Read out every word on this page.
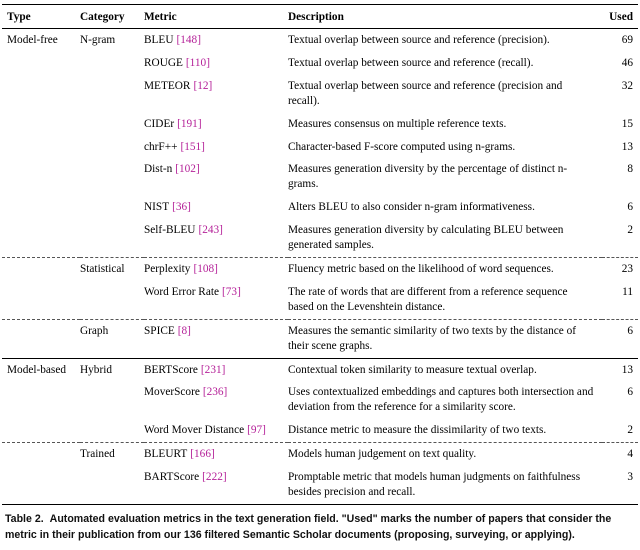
Type	Category	Metric	Description	Used
Model-free	N-gram	BLEU [148]	Textual overlap between source and reference (precision).	69
		ROUGE [110]	Textual overlap between source and reference (recall).	46
		METEOR [12]	Textual overlap between source and reference (precision and recall).	32
		CIDEr [191]	Measures consensus on multiple reference texts.	15
		chrF++ [151]	Character-based F-score computed using n-grams.	13
		Dist-n [102]	Measures generation diversity by the percentage of distinct n-grams.	8
		NIST [36]	Alters BLEU to also consider n-gram informativeness.	6
		Self-BLEU [243]	Measures generation diversity by calculating BLEU between generated samples.	2
	Statistical	Perplexity [108]	Fluency metric based on the likelihood of word sequences.	23
		Word Error Rate [73]	The rate of words that are different from a reference sequence based on the Levenshtein distance.	11
	Graph	SPICE [8]	Measures the semantic similarity of two texts by the distance of their scene graphs.	6
Model-based	Hybrid	BERTScore [231]	Contextual token similarity to measure textual overlap.	13
		MoverScore [236]	Uses contextualized embeddings and captures both intersection and deviation from the reference for a similarity score.	6
		Word Mover Distance [97]	Distance metric to measure the dissimilarity of two texts.	2
	Trained	BLEURT [166]	Models human judgement on text quality.	4
		BARTScore [222]	Promptable metric that models human judgments on faithfulness besides precision and recall.	3
Table 2. Automated evaluation metrics in the text generation field. "Used" marks the number of papers that consider the metric in their publication from our 136 filtered Semantic Scholar documents (proposing, surveying, or applying).
